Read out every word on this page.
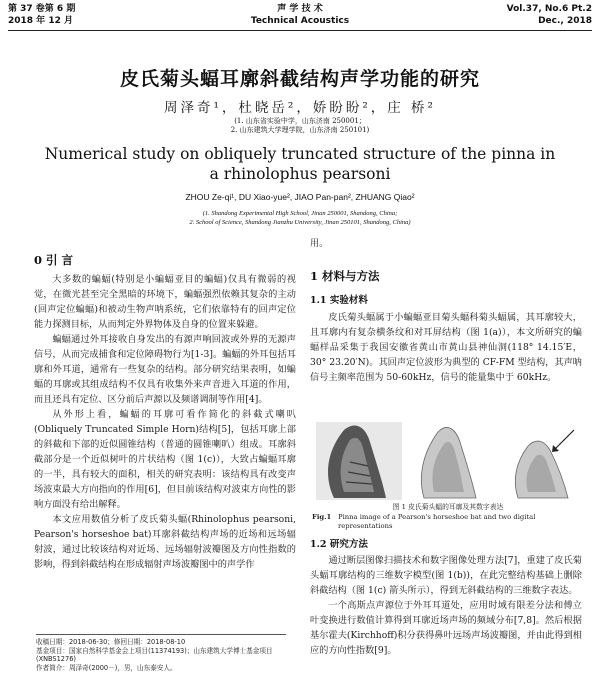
第 37 卷第 6 期	声 学 技 术	Vol.37, No.6 Pt.2
2018 年 12 月	Technical Acoustics	Dec., 2018
皮氏菊头蝠耳廓斜截结构声学功能的研究
周泽奇¹，杜晓岳²，娇盼盼²，庄 桥²
(1. 山东省实验中学，山东济南 250001；
2. 山东建筑大学理学院，山东济南 250101)
Numerical study on obliquely truncated structure of the pinna in
a rhinolophus pearsoni
ZHOU Ze-qi¹, DU Xiao-yue², JIAO Pan-pan², ZHUANG Qiao²
(1. Shandong Experimental High School, Jinan 250001, Shandong, China;
2. School of Science, Shandong Jianzhu University, Jinan 250101, Shandong, China)
0 引 言

大多数的蝙蝠(特别是小蝙蝠亚目的蝙蝠)仅具有微弱的视觉，在微光甚至完全黑暗的环境下，蝙蝠强烈依赖其复杂的主动(回声定位蝙蝠)和被动生物声呐系统，它们依靠特有的回声定位能力探测目标，从而判定外界物体及自身的位置来躲避。

蝙蝠通过外耳接收自身发出的有源声响回波或外界的无源声信号，从而完成捕食和定位障碍物行为[1-3]。蝙蝠的外耳包括耳廓和外耳道，通常有一些复杂的结构。部分研究结果表明，如蝙蝠的耳廓或其组成结构不仅具有收集外来声音进入耳道的作用，而且还具有定位、区分前后声源以及频谱调制等作用[4]。

从外形上看，蝙蝠的耳廓可看作简化的斜截式喇叭(Obliquely Truncated Simple Horn)结构[5]，包括耳廓上部的斜截和下部的近似圆锥结构（普通的圆锥喇叭）组成。耳廓斜截部分是一个近似树叶的片状结构（图 1(c)），大致占蝙蝠耳廓的一半，具有较大的面积，相关的研究表明：该结构具有改变声场波束最大方向指向的作用[6]，但目前该结构对波束方向性的影响方面没有给出解释。

本文应用数值分析了皮氏菊头蝠(Rhinolophus pearsoni, Pearson's horseshoe bat)耳廓斜截结构声场的近场和远场辐射波，通过比较该结构对近场、远场辐射波瓣图及方向性指数的影响，得到斜截结构在形成辐射声场波瓣图中的声学作

用。
1 材料与方法
1.1 实验材料

皮氏菊头蝠属于小蝙蝠亚目菊头蝠科菊头蝠属，其耳廓较大，且耳廓内有复杂横条纹和对耳屏结构（图 1(a)），本文所研究的蝙蝠样品采集于我国安徽省黄山市黄山县神仙洞(118° 14.15′E，30° 23.20′N)。其回声定位波形为典型的 CF-FM 型结构，其声呐信号主频率范围为 50-60kHz，信号的能量集中于 60kHz。

图 1 皮氏菊头蝠的耳廓及其数字表达
Fig.1 Pinna image of a Pearson's horseshoe bat and two digital representations
1.2 研究方法

通过断层图像扫描技术和数字图像处理方法[7]，重建了皮氏菊头蝠耳廓结构的三维数字模型(图 1(b))，在此完整结构基础上删除斜截结构（图 1(c) 箭头所示），得到无斜截结构的三维数字表达。

一个高斯点声源位于外耳耳道处，应用时域有限差分法和傅立叶变换进行数值计算得到耳廓近场声场的频域分布[7,8]。然后根据基尔霍夫(Kirchhoff)积分获得鼻叶远场声场波瓣图，并由此得到相应的方向性指数[9]。

收稿日期：2018-06-30；修回日期：2018-08-10
基金项目：国家自然科学基金会上项目(11374193)；山东建筑大学博士基金项目(XNBS1276)
作者简介：周泽奇(2000－)，男，山东泰安人。
